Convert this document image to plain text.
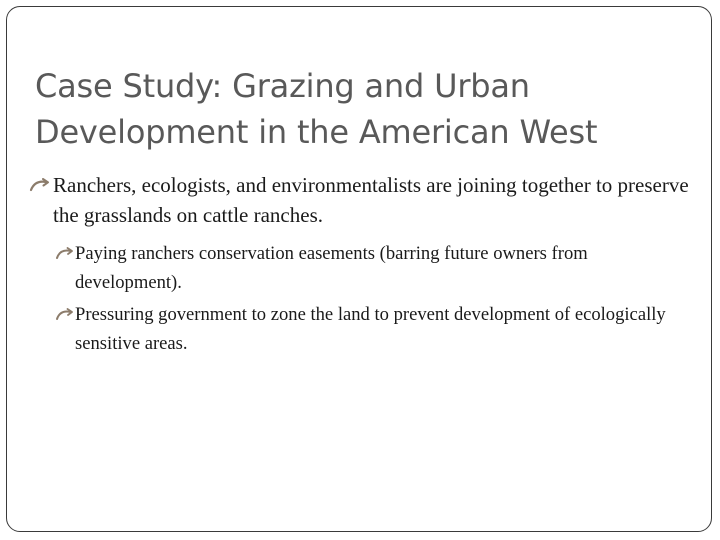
Case Study: Grazing and Urban Development in the American West
Ranchers, ecologists, and environmentalists are joining together to preserve the grasslands on cattle ranches.
Paying ranchers conservation easements (barring future owners from development).
Pressuring government to zone the land to prevent development of ecologically sensitive areas.
